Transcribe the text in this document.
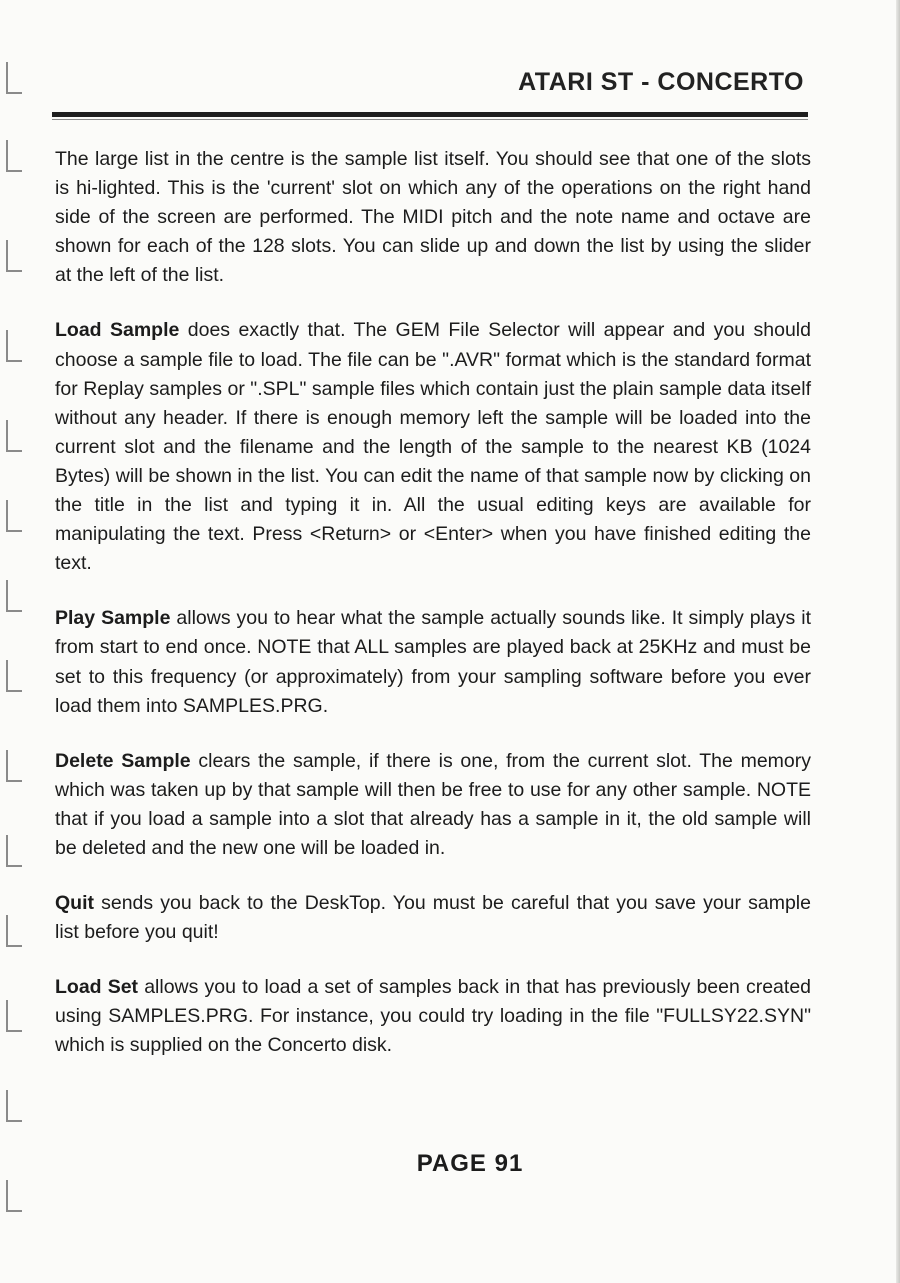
ATARI ST - CONCERTO

The large list in the centre is the sample list itself. You should see that one of the slots is hi-lighted. This is the 'current' slot on which any of the operations on the right hand side of the screen are performed. The MIDI pitch and the note name and octave are shown for each of the 128 slots. You can slide up and down the list by using the slider at the left of the list.

Load Sample does exactly that. The GEM File Selector will appear and you should choose a sample file to load. The file can be ".AVR" format which is the standard format for Replay samples or ".SPL" sample files which contain just the plain sample data itself without any header. If there is enough memory left the sample will be loaded into the current slot and the filename and the length of the sample to the nearest KB (1024 Bytes) will be shown in the list. You can edit the name of that sample now by clicking on the title in the list and typing it in. All the usual editing keys are available for manipulating the text. Press <Return> or <Enter> when you have finished editing the text.

Play Sample allows you to hear what the sample actually sounds like. It simply plays it from start to end once. NOTE that ALL samples are played back at 25KHz and must be set to this frequency (or approximately) from your sampling software before you ever load them into SAMPLES.PRG.

Delete Sample clears the sample, if there is one, from the current slot. The memory which was taken up by that sample will then be free to use for any other sample. NOTE that if you load a sample into a slot that already has a sample in it, the old sample will be deleted and the new one will be loaded in.

Quit sends you back to the DeskTop. You must be careful that you save your sample list before you quit!

Load Set allows you to load a set of samples back in that has previously been created using SAMPLES.PRG. For instance, you could try loading in the file "FULLSY22.SYN" which is supplied on the Concerto disk.

PAGE 91
